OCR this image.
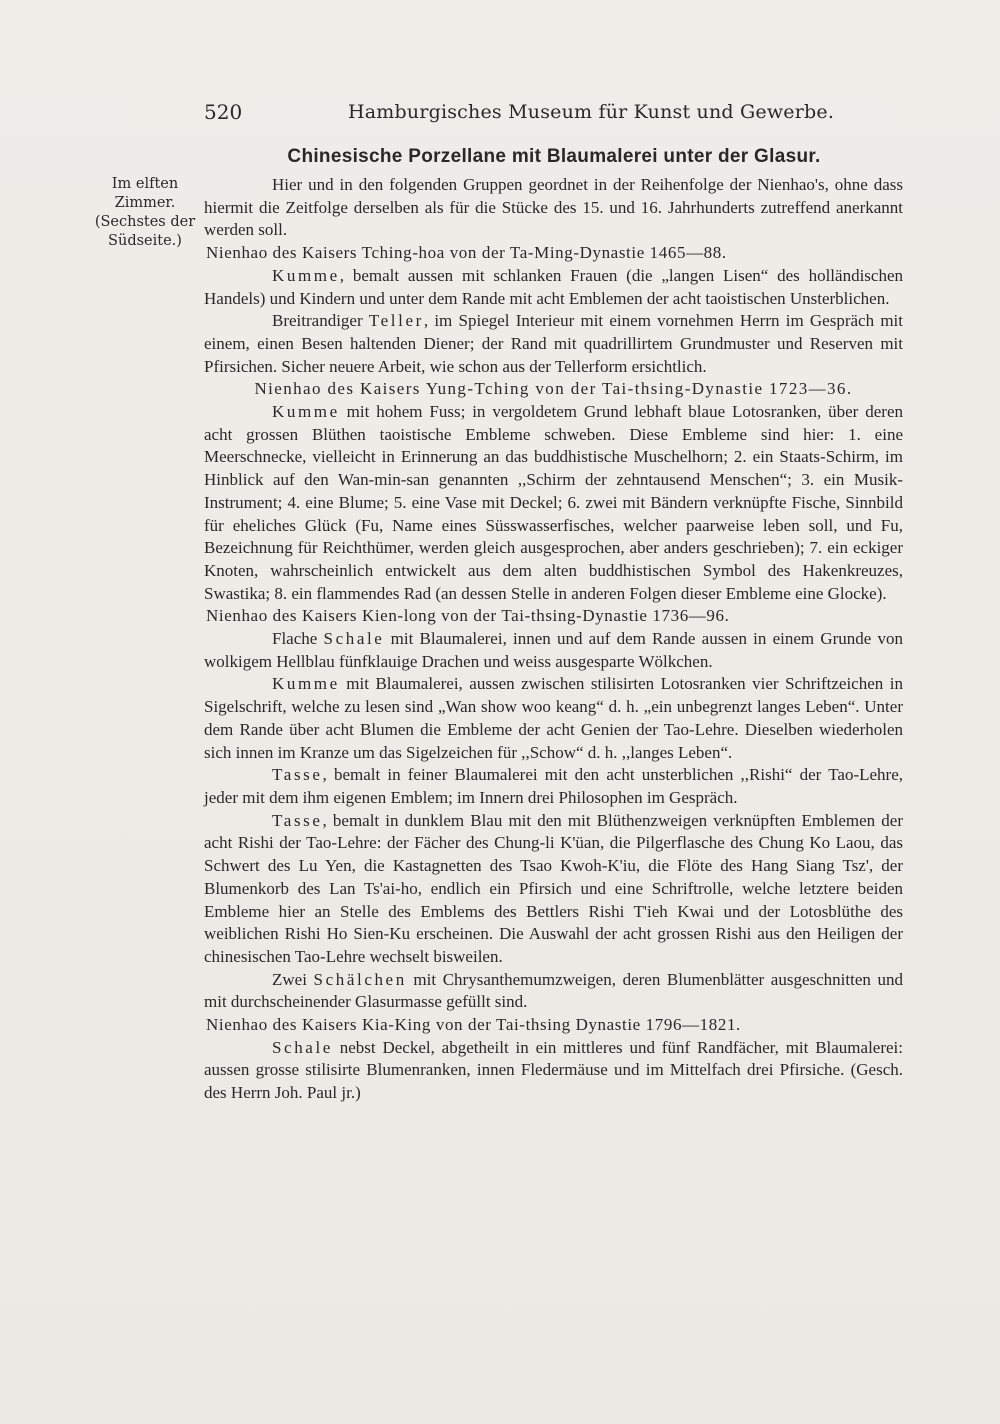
520	Hamburgisches Museum für Kunst und Gewerbe.
Chinesische Porzellane mit Blaumalerei unter der Glasur.
Im elften
Zimmer.
(Sechstes der
Südseite.)

Hier und in den folgenden Gruppen geordnet in der Reihenfolge der Nienhao's, ohne dass hiermit die Zeitfolge derselben als für die Stücke des 15. und 16. Jahrhunderts zutreffend anerkannt werden soll.

Nienhao des Kaisers Tching-hoa von der Ta-Ming-Dynastie 1465—88.

Kumme, bemalt aussen mit schlanken Frauen (die „langen Lisen“ des holländischen Handels) und Kindern und unter dem Rande mit acht Emblemen der acht taoistischen Unsterblichen.

Breitrandiger Teller, im Spiegel Interieur mit einem vornehmen Herrn im Gespräch mit einem, einen Besen haltenden Diener; der Rand mit quadrillirtem Grundmuster und Reserven mit Pfirsichen. Sicher neuere Arbeit, wie schon aus der Tellerform ersichtlich.

Nienhao des Kaisers Yung-Tching von der Tai-thsing-Dynastie 1723—36.

Kumme mit hohem Fuss; in vergoldetem Grund lebhaft blaue Lotosranken, über deren acht grossen Blüthen taoistische Embleme schweben. Diese Embleme sind hier: 1. eine Meerschnecke, vielleicht in Erinnerung an das buddhistische Muschelhorn; 2. ein Staats-Schirm, im Hinblick auf den Wan-min-san genannten ,,Schirm der zehntausend Menschen“; 3. ein Musik-Instrument; 4. eine Blume; 5. eine Vase mit Deckel; 6. zwei mit Bändern verknüpfte Fische, Sinnbild für eheliches Glück (Fu, Name eines Süsswasserfisches, welcher paarweise leben soll, und Fu, Bezeichnung für Reichthümer, werden gleich ausgesprochen, aber anders geschrieben); 7. ein eckiger Knoten, wahrscheinlich entwickelt aus dem alten buddhistischen Symbol des Hakenkreuzes, Swastika; 8. ein flammendes Rad (an dessen Stelle in anderen Folgen dieser Embleme eine Glocke).

Nienhao des Kaisers Kien-long von der Tai-thsing-Dynastie 1736—96.

Flache Schale mit Blaumalerei, innen und auf dem Rande aussen in einem Grunde von wolkigem Hellblau fünfklauige Drachen und weiss ausgesparte Wölkchen.

Kumme mit Blaumalerei, aussen zwischen stilisirten Lotosranken vier Schriftzeichen in Sigelschrift, welche zu lesen sind „Wan show woo keang“ d. h. „ein unbegrenzt langes Leben“. Unter dem Rande über acht Blumen die Embleme der acht Genien der Tao-Lehre. Dieselben wiederholen sich innen im Kranze um das Sigelzeichen für ,,Schow“ d. h. ,,langes Leben“.

Tasse, bemalt in feiner Blaumalerei mit den acht unsterblichen ,,Rishi“ der Tao-Lehre, jeder mit dem ihm eigenen Emblem; im Innern drei Philosophen im Gespräch.

Tasse, bemalt in dunklem Blau mit den mit Blüthenzweigen verknüpften Emblemen der acht Rishi der Tao-Lehre: der Fächer des Chung-li K'üan, die Pilgerflasche des Chung Ko Laou, das Schwert des Lu Yen, die Kastagnetten des Tsao Kwoh-K'iu, die Flöte des Hang Siang Tsz', der Blumenkorb des Lan Ts'ai-ho, endlich ein Pfirsich und eine Schriftrolle, welche letztere beiden Embleme hier an Stelle des Emblems des Bettlers Rishi T'ieh Kwai und der Lotosblüthe des weiblichen Rishi Ho Sien-Ku erscheinen. Die Auswahl der acht grossen Rishi aus den Heiligen der chinesischen Tao-Lehre wechselt bisweilen.

Zwei Schälchen mit Chrysanthemumzweigen, deren Blumenblätter ausgeschnitten und mit durchscheinender Glasurmasse gefüllt sind.

Nienhao des Kaisers Kia-King von der Tai-thsing Dynastie 1796—1821.

Schale nebst Deckel, abgetheilt in ein mittleres und fünf Randfächer, mit Blaumalerei: aussen grosse stilisirte Blumenranken, innen Fledermäuse und im Mittelfach drei Pfirsiche. (Gesch. des Herrn Joh. Paul jr.)
